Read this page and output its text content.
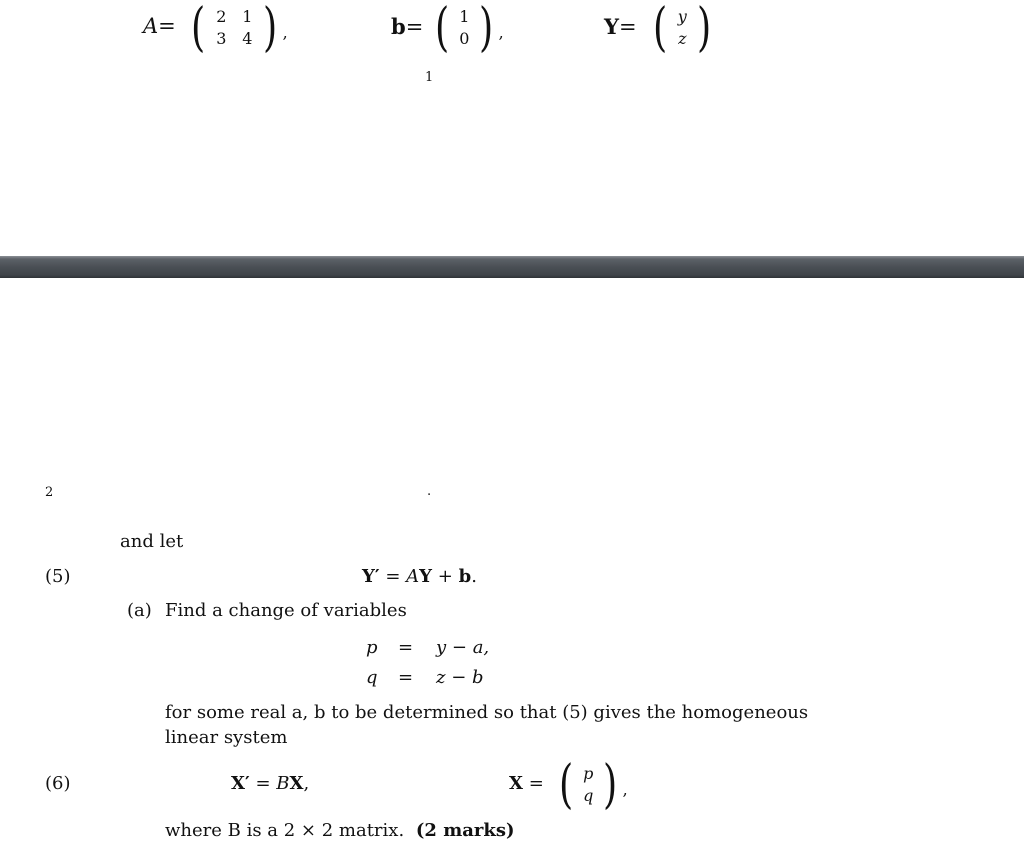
A= ( 2 1
3 4 ) ,	b= ( 1
0 ) ,	Y= ( y
z )
1
2	.
and let
(5)	Y′ = AY + b.
(a) Find a change of variables
p = y − a,
q = z − b
for some real a, b to be determined so that (5) gives the homogeneous
linear system
(6)	X′ = BX,	X = ( p
q ) ,
where B is a 2 × 2 matrix. (2 marks)
